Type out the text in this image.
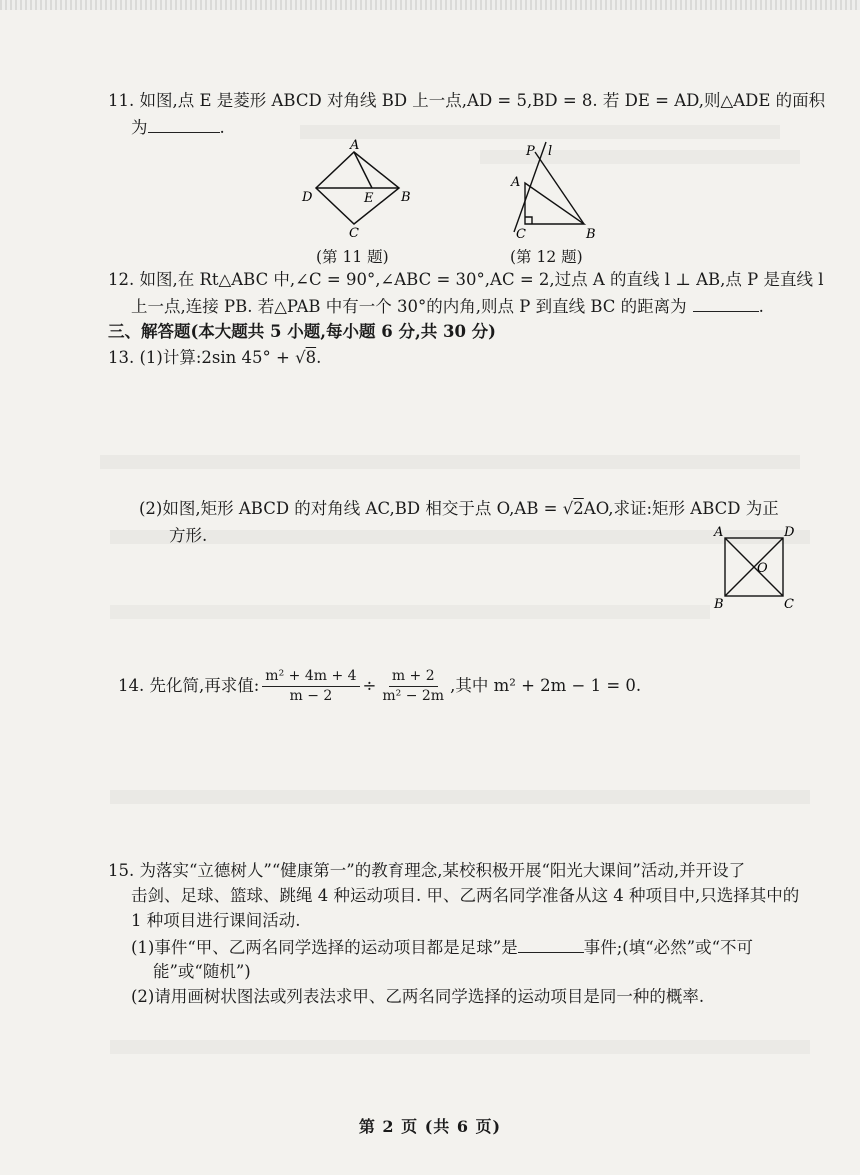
11. 如图,点 E 是菱形 ABCD 对角线 BD 上一点,AD = 5,BD = 8. 若 DE = AD,则△ADE 的面积
为	.
A
D	E B
C
(第 11 题)
P l
A
C	B
(第 12 题)
12. 如图,在 Rt△ABC 中,∠C = 90°,∠ABC = 30°,AC = 2,过点 A 的直线 l ⊥ AB,点 P 是直线 l
上一点,连接 PB. 若△PAB 中有一个 30°的内角,则点 P 到直线 BC 的距离为	.
三、解答题(本大题共 5 小题,每小题 6 分,共 30 分)
13. (1)计算:2sin 45° + √8.
(2)如图,矩形 ABCD 的对角线 AC,BD 相交于点 O,AB = √2AO,求证:矩形 ABCD 为正
方形.	A	D
O
B	C
14. 先化简,再求值: $\frac{\text{m² + 4m + 4}}{m - 2} \div \frac{m + 2}{\text{m² − 2m}}$ ,其中 m² + 2m − 1 = 0.
15. 为落实“立德树人”“健康第一”的教育理念,某校积极开展“阳光大课间”活动,并开设了
击剑、足球、篮球、跳绳 4 种运动项目. 甲、乙两名同学准备从这 4 种项目中,只选择其中的
1 种项目进行课间活动.
(1)事件“甲、乙两名同学选择的运动项目都是足球”是	事件;(填“必然”或“不可
能”或“随机”)
(2)请用画树状图法或列表法求甲、乙两名同学选择的运动项目是同一种的概率.
第 2 页 (共 6 页)
